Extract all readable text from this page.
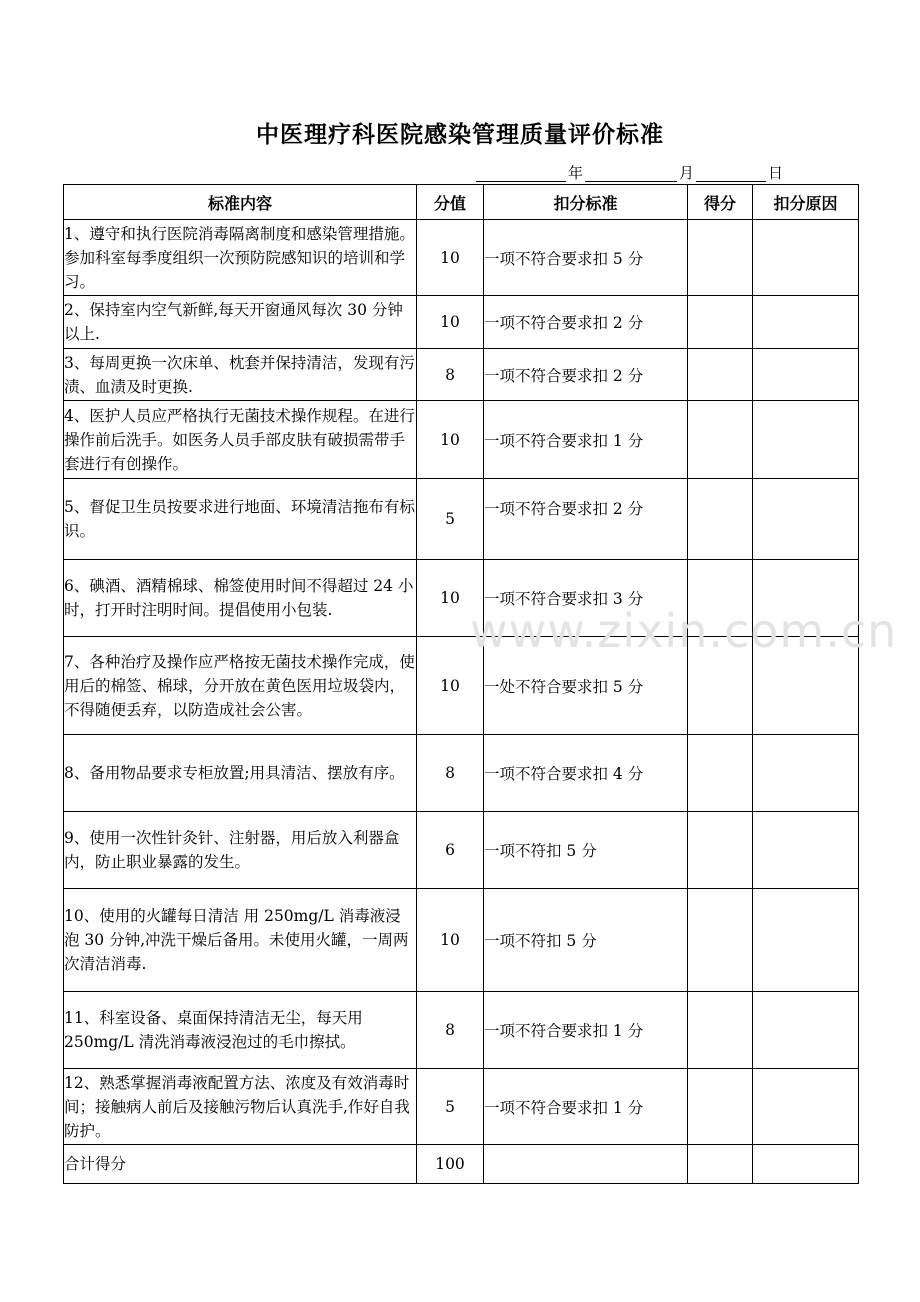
中医理疗科医院感染管理质量评价标准
年	月	日
标准内容	分值	扣分标准	得分	扣分原因
1、遵守和执行医院消毒隔离制度和感染管理措施。参加科室每季度组织一次预防院感知识的培训和学习。	10	一项不符合要求扣 5 分		
2、保持室内空气新鲜,每天开窗通风每次 30 分钟以上.	10	一项不符合要求扣 2 分		
3、每周更换一次床单、枕套并保持清洁，发现有污渍、血渍及时更换.	8	一项不符合要求扣 2 分		
4、医护人员应严格执行无菌技术操作规程。在进行操作前后洗手。如医务人员手部皮肤有破损需带手套进行有创操作。	10	一项不符合要求扣 1 分		
5、督促卫生员按要求进行地面、环境清洁拖布有标识。	5	一项不符合要求扣 2 分		
6、碘酒、酒精棉球、棉签使用时间不得超过 24 小时，打开时注明时间。提倡使用小包装.	10	一项不符合要求扣 3 分		
7、各种治疗及操作应严格按无菌技术操作完成，使用后的棉签、棉球，分开放在黄色医用垃圾袋内，不得随便丢弃，以防造成社会公害。	10	一处不符合要求扣 5 分		
8、备用物品要求专柜放置;用具清洁、摆放有序。	8	一项不符合要求扣 4 分		
9、使用一次性针灸针、注射器，用后放入利器盒内，防止职业暴露的发生。	6	一项不符扣 5 分		
10、使用的火罐每日清洁 用 250mg/L 消毒液浸泡 30 分钟,冲洗干燥后备用。未使用火罐，一周两次清洁消毒.	10	一项不符扣 5 分		
11、科室设备、桌面保持清洁无尘，每天用 250mg/L 清洗消毒液浸泡过的毛巾擦拭。	8	一项不符合要求扣 1 分		
12、熟悉掌握消毒液配置方法、浓度及有效消毒时间；接触病人前后及接触污物后认真洗手,作好自我防护。	5	一项不符合要求扣 1 分		
合计得分	100			
www.zixin.com.cn
